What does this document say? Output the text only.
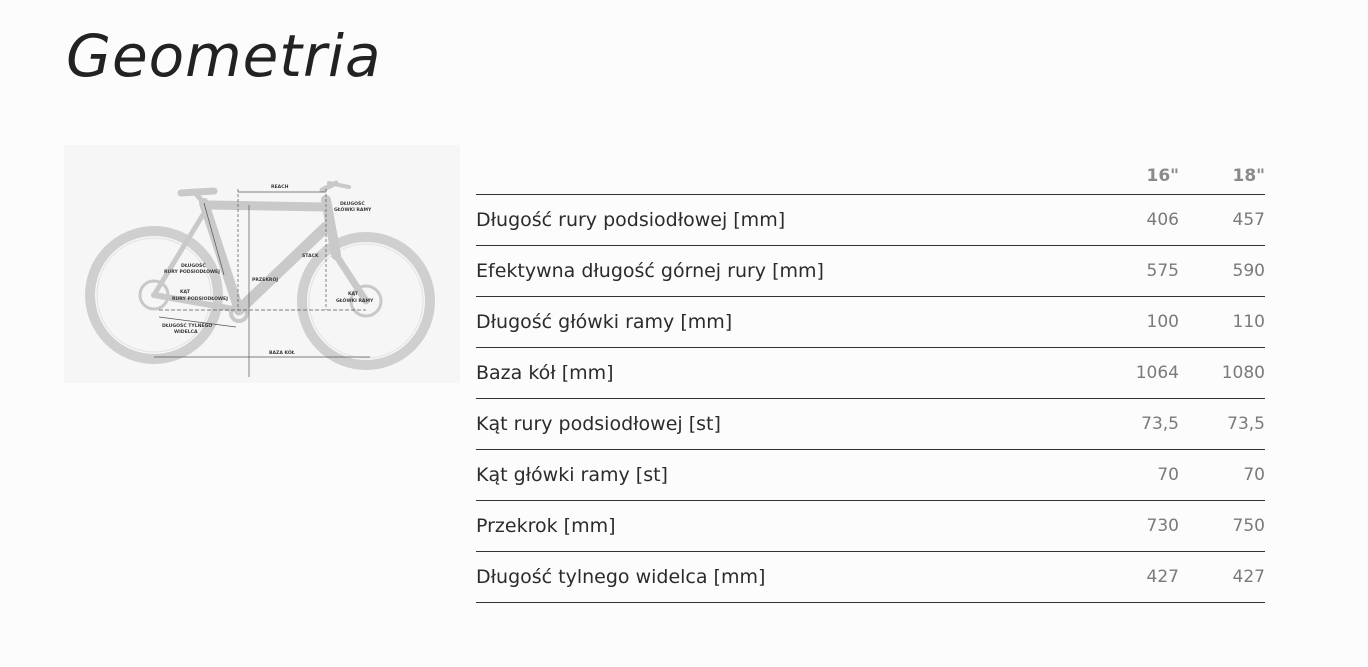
Geometria
REACH
DŁUGOŚĆ
GŁÓWKI RAMY
DŁUGOŚĆ
RURY PODSIODŁOWEJ
STACK
PRZEKRÓJ
KĄT
RURY PODSIODŁOWEJ
KĄT
GŁÓWKI RAMY
DŁUGOŚĆ TYLNEGO
WIDELCA
BAZA KÓŁ
16"	18"
Długość rury podsiodłowej [mm]	406	457
Efektywna długość górnej rury [mm]	575	590
Długość główki ramy [mm]	100	110
Baza kół [mm]	1064	1080
Kąt rury podsiodłowej [st]	73,5	73,5
Kąt główki ramy [st]	70	70
Przekrok [mm]	730	750
Długość tylnego widelca [mm]	427	427
